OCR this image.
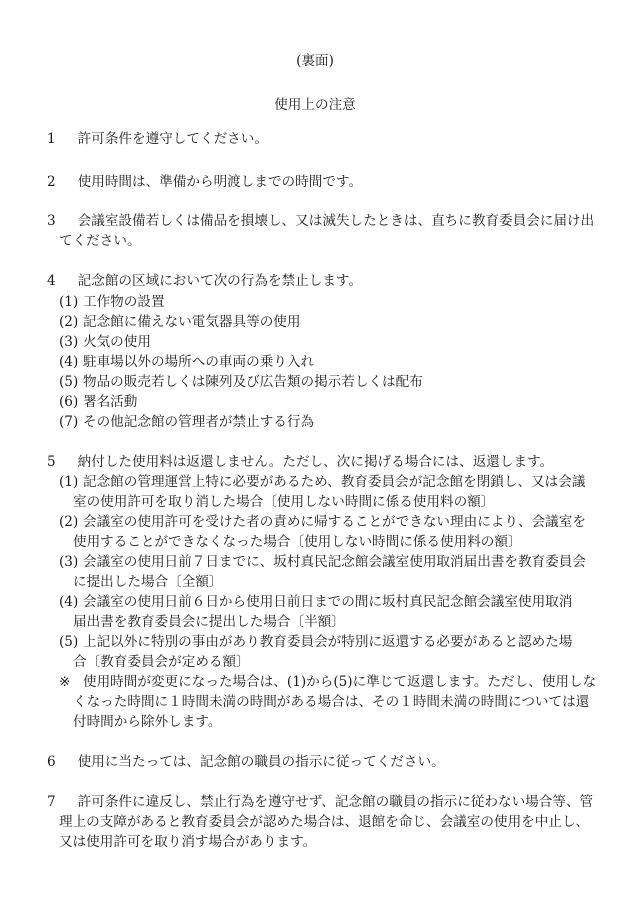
(裏面)
使用上の注意
1 許可条件を遵守してください。
2 使用時間は、準備から明渡しまでの時間です。
3 会議室設備若しくは備品を損壊し、又は滅失したときは、直ちに教育委員会に届け出
てください。
4 記念館の区域において次の行為を禁止します。
(1) 工作物の設置
(2) 記念館に備えない電気器具等の使用
(3) 火気の使用
(4) 駐車場以外の場所への車両の乗り入れ
(5) 物品の販売若しくは陳列及び広告類の掲示若しくは配布
(6) 署名活動
(7) その他記念館の管理者が禁止する行為
5 納付した使用料は返還しません。ただし、次に掲げる場合には、返還します。
(1) 記念館の管理運営上特に必要があるため、教育委員会が記念館を閉鎖し、又は会議
室の使用許可を取り消した場合〔使用しない時間に係る使用料の額〕
(2) 会議室の使用許可を受けた者の責めに帰することができない理由により、会議室を
使用することができなくなった場合〔使用しない時間に係る使用料の額〕
(3) 会議室の使用日前７日までに、坂村真民記念館会議室使用取消届出書を教育委員会
に提出した場合〔全額〕
(4) 会議室の使用日前６日から使用日前日までの間に坂村真民記念館会議室使用取消
届出書を教育委員会に提出した場合〔半額〕
(5) 上記以外に特別の事由があり教育委員会が特別に返還する必要があると認めた場
合〔教育委員会が定める額〕
※ 使用時間が変更になった場合は、(1)から(5)に準じて返還します。ただし、使用しな
くなった時間に１時間未満の時間がある場合は、その１時間未満の時間については還
付時間から除外します。
6 使用に当たっては、記念館の職員の指示に従ってください。
7 許可条件に違反し、禁止行為を遵守せず、記念館の職員の指示に従わない場合等、管
理上の支障があると教育委員会が認めた場合は、退館を命じ、会議室の使用を中止し、
又は使用許可を取り消す場合があります。
